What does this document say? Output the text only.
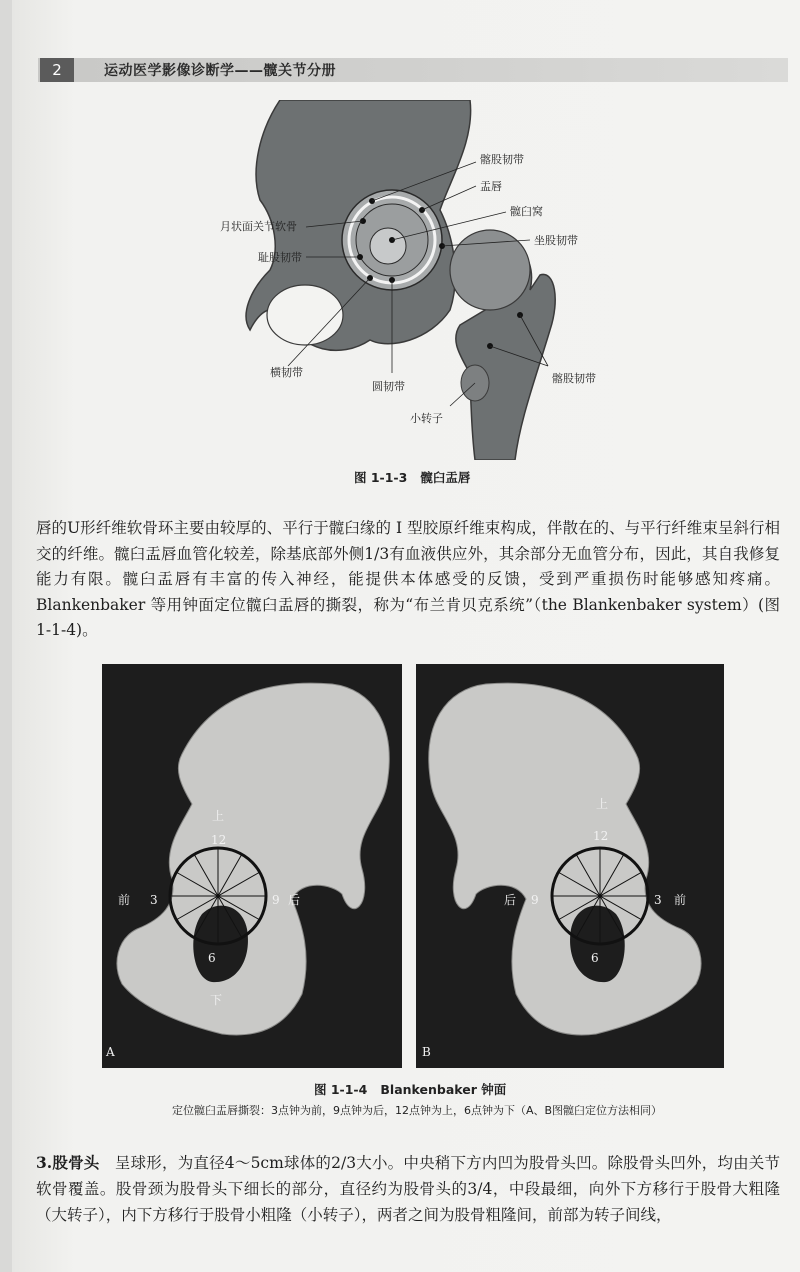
2	运动医学影像诊断学——髋关节分册
髂股韧带
盂唇
髋臼窝
月状面关节软骨
坐股韧带
耻股韧带
横韧带
圆韧带
髂股韧带
小转子
图 1-1-3 髋臼盂唇
唇的U形纤维软骨环主要由较厚的、平行于髋臼缘的 Ⅰ 型胶原纤维束构成，伴散在的、与平行纤维束呈斜行相交的纤维。髋臼盂唇血管化较差，除基底部外侧1/3有血液供应外，其余部分无血管分布，因此，其自我修复能力有限。髋臼盂唇有丰富的传入神经，能提供本体感受的反馈，受到严重损伤时能够感知疼痛。Blankenbaker 等用钟面定位髋臼盂唇的撕裂，称为“布兰肯贝克系统”（the Blankenbaker system）(图 1-1-4)。
上
12
3
前	9 后
6
下
A
上
12
9
后	3 前
6
B
图 1-1-4 Blankenbaker 钟面
定位髋臼盂唇撕裂：3点钟为前，9点钟为后，12点钟为上，6点钟为下（A、B图髋臼定位方法相同）
3.股骨头 呈球形，为直径4～5cm球体的2/3大小。中央稍下方内凹为股骨头凹。除股骨头凹外，均由关节软骨覆盖。股骨颈为股骨头下细长的部分，直径约为股骨头的3/4，中段最细，向外下方移行于股骨大粗隆（大转子），内下方移行于股骨小粗隆（小转子），两者之间为股骨粗隆间，前部为转子间线，
